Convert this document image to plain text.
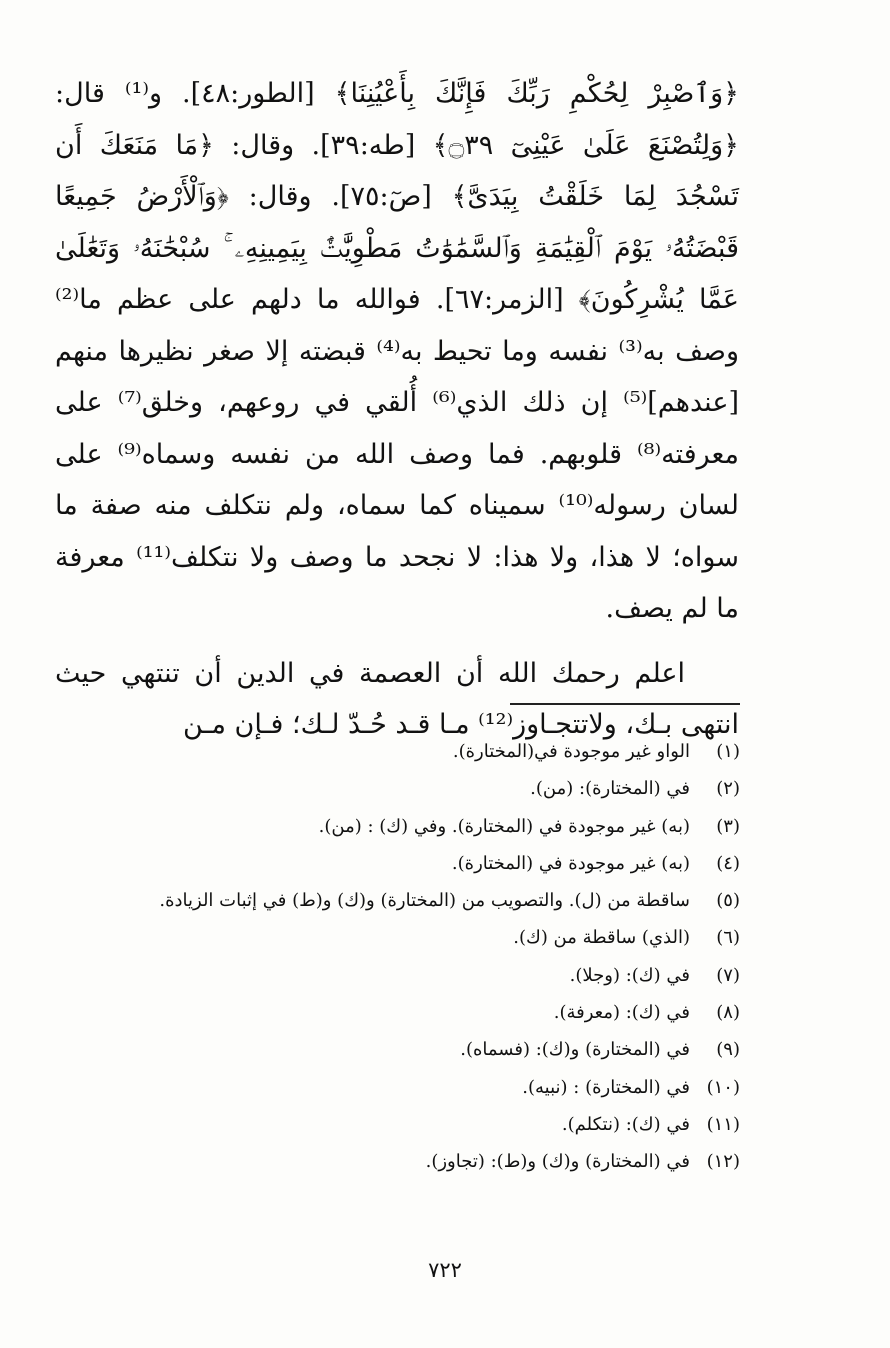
﴿وَٱصْبِرْ لِحُكْمِ رَبِّكَ فَإِنَّكَ بِأَعْيُنِنَا﴾ [الطور:٤٨]. و⁽¹⁾ قال: ﴿وَلِتُصْنَعَ عَلَىٰ عَيْنِىٓ ۝٣٩﴾ [طه:٣٩]. وقال: ﴿مَا مَنَعَكَ أَن تَسْجُدَ لِمَا خَلَقْتُ بِيَدَىَّ﴾ [صٓ:٧٥]. وقال: ﴿وَٱلْأَرْضُ جَمِيعًا قَبْضَتُهُۥ يَوْمَ ٱلْقِيَٰمَةِ وَٱلسَّمَٰوَٰتُ مَطْوِيَّٰتٌۢ بِيَمِينِهِۦ ۚ سُبْحَٰنَهُۥ وَتَعَٰلَىٰ عَمَّا يُشْرِكُونَ﴾ [الزمر:٦٧]. فوالله ما دلهم على عظم ما⁽²⁾ وصف به⁽³⁾ نفسه وما تحيط به⁽⁴⁾ قبضته إلا صغر نظيرها منهم [عندهم]⁽⁵⁾ إن ذلك الذي⁽⁶⁾ أُلقي في روعهم، وخلق⁽⁷⁾ على معرفته⁽⁸⁾ قلوبهم. فما وصف الله من نفسه وسماه⁽⁹⁾ على لسان رسوله⁽¹⁰⁾ سميناه كما سماه، ولم نتكلف منه صفة ما سواه؛ لا هذا، ولا هذا: لا نجحد ما وصف ولا نتكلف⁽¹¹⁾ معرفة ما لم يصف.

اعلم رحمك الله أن العصمة في الدين أن تنتهي حيث انتهى بـك، ولاتتجـاوز⁽¹²⁾ مـا قـد حُـدّ لـك؛ فـإن مـن

(١)الواو غير موجودة في(المختارة).
(٢)في (المختارة): (من).
(٣)(به) غير موجودة في (المختارة). وفي (ك) : (من).
(٤)(به) غير موجودة في (المختارة).
(٥)ساقطة من (ل). والتصويب من (المختارة) و(ك) و(ط) في إثبات الزيادة.
(٦)(الذي) ساقطة من (ك).
(٧)في (ك): (وجلا).
(٨)في (ك): (معرفة).
(٩)في (المختارة) و(ك): (فسماه).
(١٠)في (المختارة) : (نبيه).
(١١)في (ك): (نتكلم).
(١٢)في (المختارة) و(ك) و(ط): (تجاوز).
٧٢٢
